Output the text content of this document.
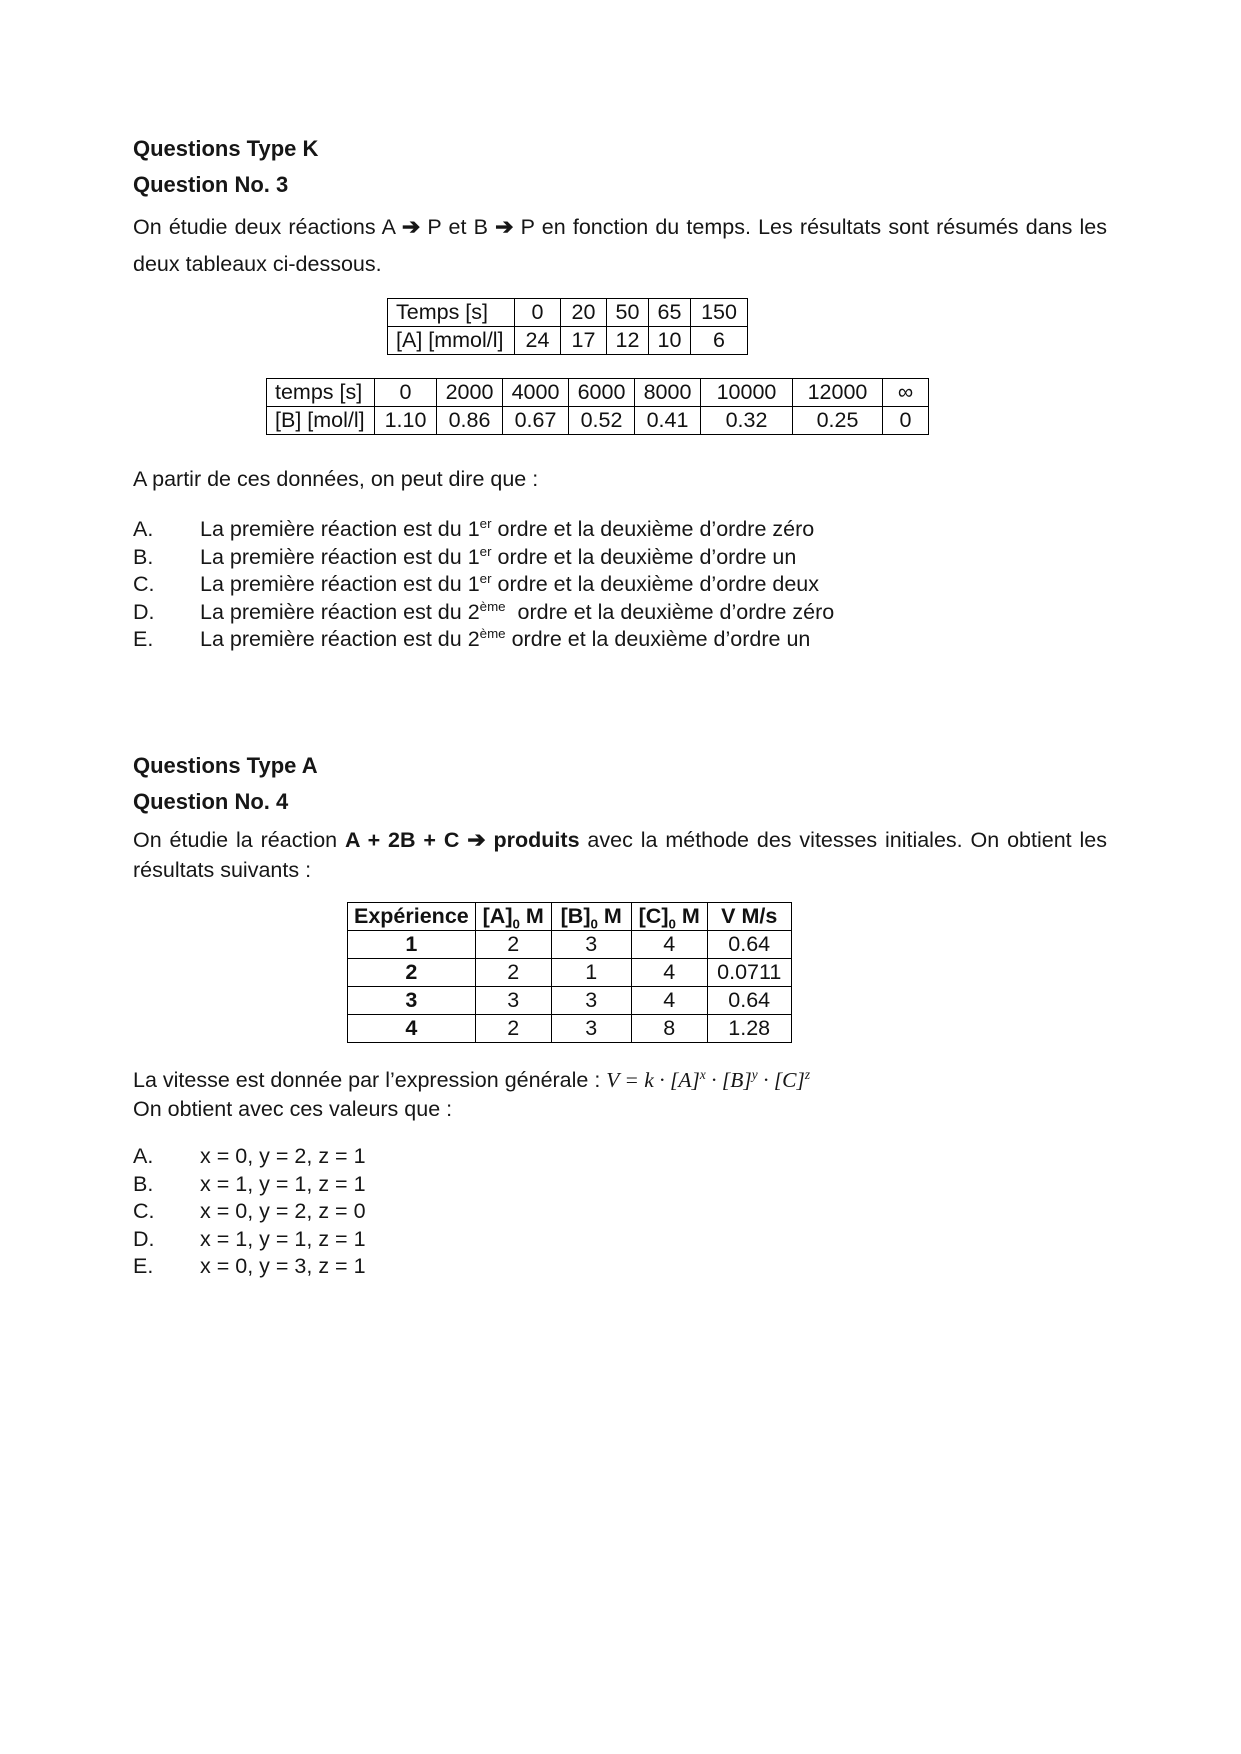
Questions Type K
Question No. 3

On étudie deux réactions A ➔ P et B ➔ P en fonction du temps. Les résultats sont résumés dans les deux tableaux ci-dessous.

Temps [s]	0	20	50	65	150
[A] [mmol/l]	24	17	12	10	6
temps [s]	0	2000	4000	6000	8000	10000	12000	∞
[B] [mol/l]	1.10	0.86	0.67	0.52	0.41	0.32	0.25	0

A partir de ces données, on peut dire que :

A.	La première réaction est du 1er ordre et la deuxième d’ordre zéro
B.	La première réaction est du 1er ordre et la deuxième d’ordre un
C.	La première réaction est du 1er ordre et la deuxième d’ordre deux
D.	La première réaction est du 2ème  ordre et la deuxième d’ordre zéro
E.	La première réaction est du 2ème ordre et la deuxième d’ordre un
Questions Type A
Question No. 4

On étudie la réaction A + 2B + C ➔ produits avec la méthode des vitesses initiales. On obtient les résultats suivants :

Expérience	$[A]_0$ M	$[B]_0$ M	$[C]_0$ M	V M/s
1	2	3	4	0.64
2	2	1	4	0.0711
3	3	3	4	0.64
4	2	3	8	1.28

La vitesse est donnée par l’expression générale : $V = k \cdot [A]^x \cdot [B]^y \cdot [C]^z$

On obtient avec ces valeurs que :

A.	x = 0, y = 2, z = 1
B.	x = 1, y = 1, z = 1
C.	x = 0, y = 2, z = 0
D.	x = 1, y = 1, z = 1
E.	x = 0, y = 3, z = 1
